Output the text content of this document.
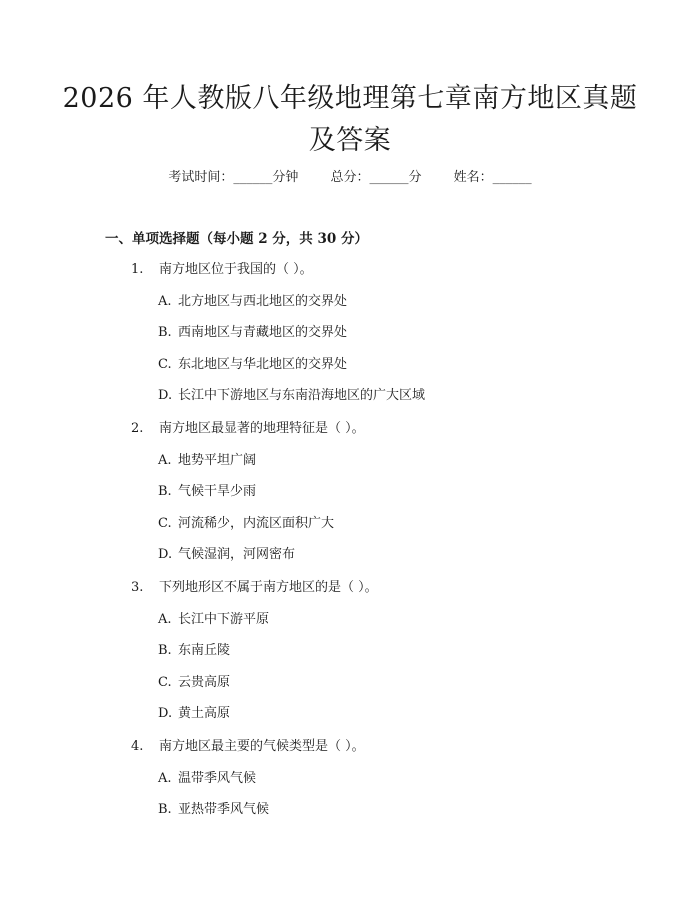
2026 年人教版八年级地理第七章南方地区真题及答案
考试时间：______分钟 总分：______分 姓名：______
一、单项选择题（每小题 2 分，共 30 分）
1. 南方地区位于我国的（ ）。
A. 北方地区与西北地区的交界处
B. 西南地区与青藏地区的交界处
C. 东北地区与华北地区的交界处
D. 长江中下游地区与东南沿海地区的广大区域
2. 南方地区最显著的地理特征是（ ）。
A. 地势平坦广阔
B. 气候干旱少雨
C. 河流稀少，内流区面积广大
D. 气候湿润，河网密布
3. 下列地形区不属于南方地区的是（ ）。
A. 长江中下游平原
B. 东南丘陵
C. 云贵高原
D. 黄土高原
4. 南方地区最主要的气候类型是（ ）。
A. 温带季风气候
B. 亚热带季风气候
